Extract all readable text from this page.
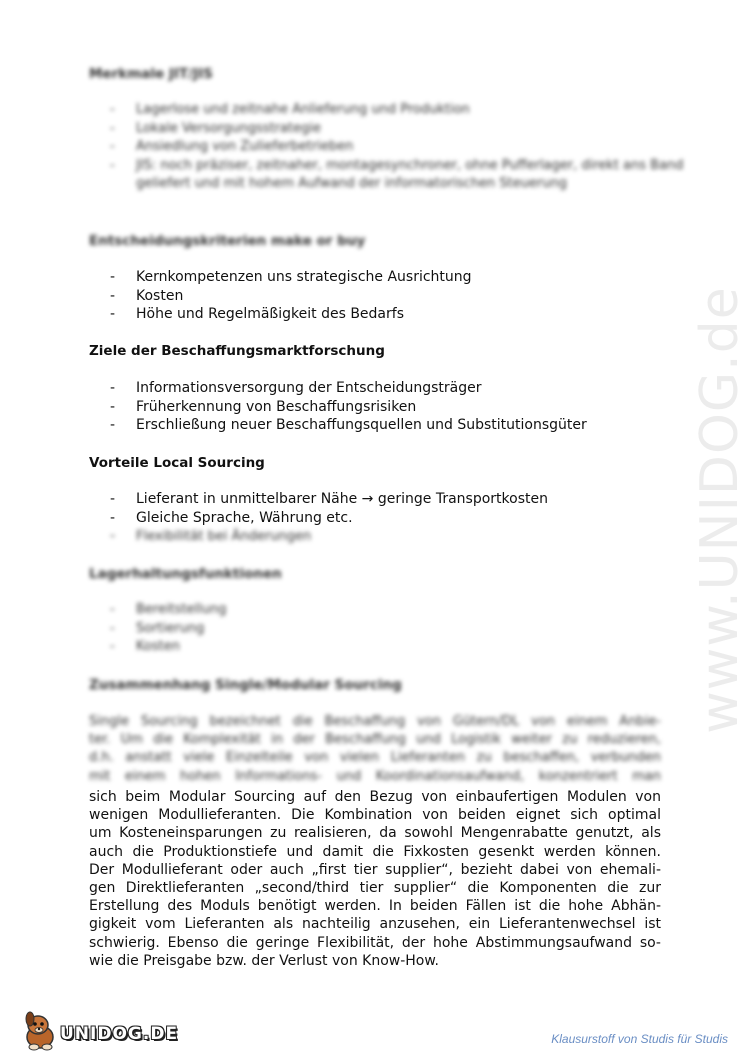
www.UNIDOG.de
Merkmale JIT/JIS
- Lagerlose und zeitnahe Anlieferung und Produktion
- Lokale Versorgungsstrategie
- Ansiedlung von Zulieferbetrieben
- JIS: noch präziser, zeitnaher, montagesynchroner, ohne Pufferlager, direkt ans Band geliefert und mit hohem Aufwand der informatorischen Steuerung
Entscheidungskriterien make or buy
- Kernkompetenzen uns strategische Ausrichtung
- Kosten
- Höhe und Regelmäßigkeit des Bedarfs
Ziele der Beschaffungsmarktforschung
- Informationsversorgung der Entscheidungsträger
- Früherkennung von Beschaffungsrisiken
- Erschließung neuer Beschaffungsquellen und Substitutionsgüter
Vorteile Local Sourcing
- Lieferant in unmittelbarer Nähe → geringe Transportkosten
- Gleiche Sprache, Währung etc.
- Flexibilität bei Änderungen
Lagerhaltungsfunktionen
- Bereitstellung
- Sortierung
- Kosten
Zusammenhang Single/Modular Sourcing
Single Sourcing bezeichnet die Beschaffung von Gütern/DL von einem Anbie-
ter. Um die Komplexität in der Beschaffung und Logistik weiter zu reduzieren,
d.h. anstatt viele Einzelteile von vielen Lieferanten zu beschaffen, verbunden
mit einem hohen Informations- und Koordinationsaufwand, konzentriert man
sich beim Modular Sourcing auf den Bezug von einbaufertigen Modulen von
wenigen Modullieferanten. Die Kombination von beiden eignet sich optimal
um Kosteneinsparungen zu realisieren, da sowohl Mengenrabatte genutzt, als
auch die Produktionstiefe und damit die Fixkosten gesenkt werden können.
Der Modullieferant oder auch „first tier supplier“, bezieht dabei von ehemali-
gen Direktlieferanten „second/third tier supplier“ die Komponenten die zur
Erstellung des Moduls benötigt werden. In beiden Fällen ist die hohe Abhän-
gigkeit vom Lieferanten als nachteilig anzusehen, ein Lieferantenwechsel ist
schwierig. Ebenso die geringe Flexibilität, der hohe Abstimmungsaufwand so-
wie die Preisgabe bzw. der Verlust von Know-How.
UNIDOG.DE	Klausurstoff von Studis für Studis
